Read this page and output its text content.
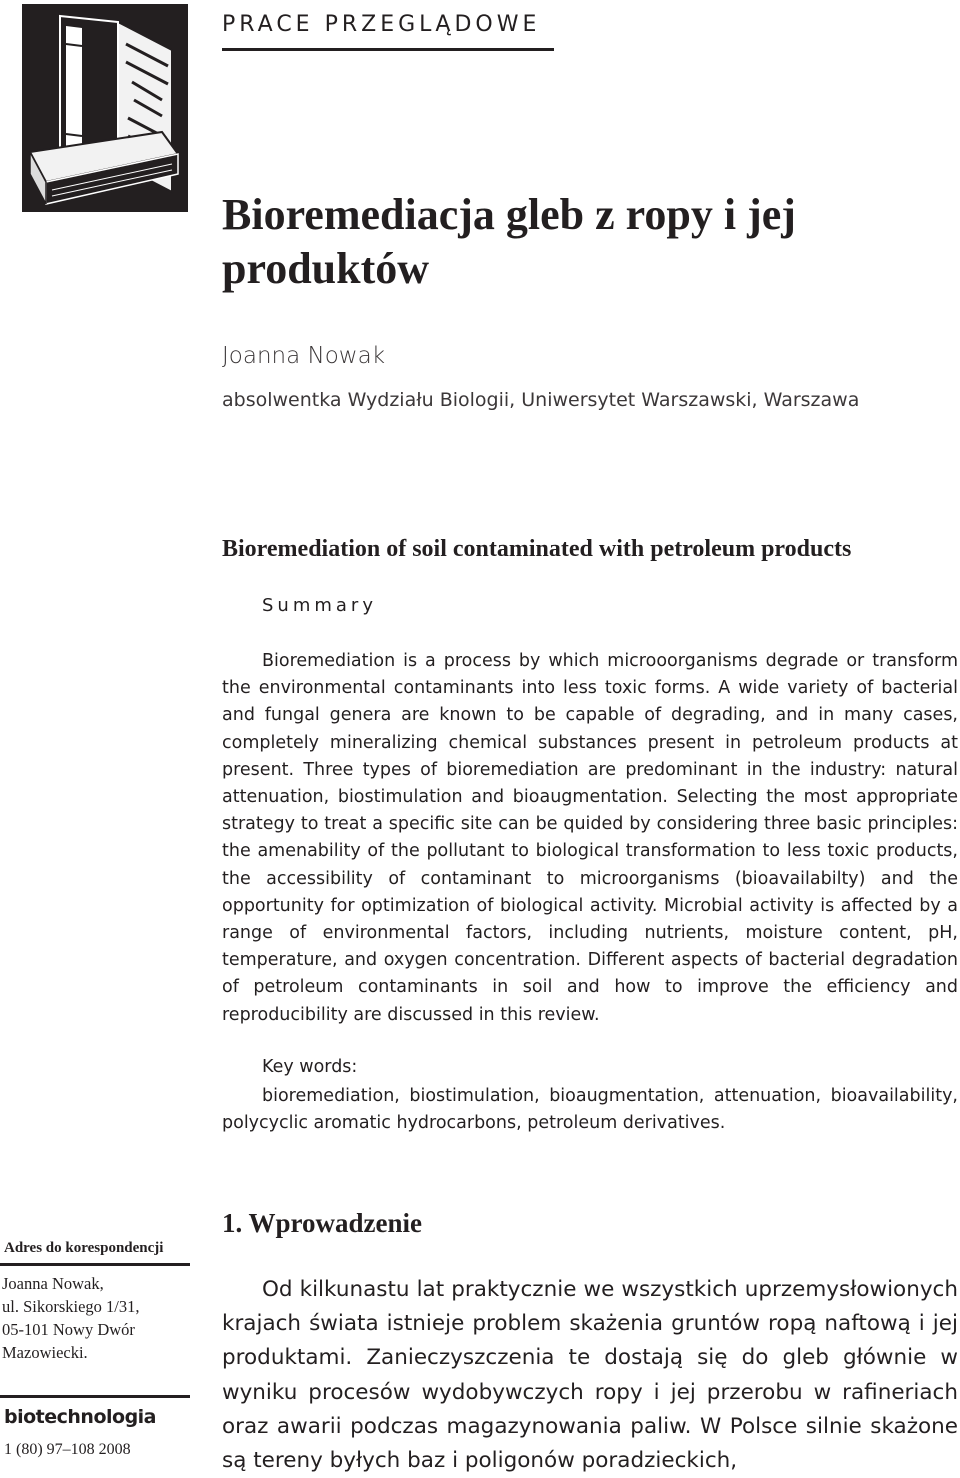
PRACE PRZEGLĄDOWE
Bioremediacja gleb z ropy i jej produktów
Joanna Nowak
absolwentka Wydziału Biologii, Uniwersytet Warszawski, Warszawa
Bioremediation of soil contaminated with petroleum products
Summary

Bioremediation is a process by which microoorganisms degrade or transform the environmental contaminants into less toxic forms. A wide variety of bacterial and fungal genera are known to be capable of degrading, and in many cases, completely mineralizing chemical substances present in petroleum products at present. Three types of bioremediation are predominant in the industry: natural attenuation, biostimulation and bioaugmentation. Selecting the most appropriate strategy to treat a specific site can be quided by considering three basic principles: the amenability of the pollutant to biological transformation to less toxic products, the accessibility of contaminant to microorganisms (bioavailabilty) and the opportunity for optimization of biological activity. Microbial activity is affected by a range of environmental factors, including nutrients, moisture content, pH, temperature, and oxygen concentration. Different aspects of bacterial degradation of petroleum contaminants in soil and how to improve the efficiency and reproducibility are discussed in this review.

Key words:

bioremediation, biostimulation, bioaugmentation, attenuation, bioavailability, polycyclic aromatic hydrocarbons, petroleum derivatives.

Adres do korespondencji
Joanna Nowak,
ul. Sikorskiego 1/31,
05-101 Nowy Dwór
Mazowiecki.
biotechnologia
1 (80) 97–108 2008
1. Wprowadzenie

Od kilkunastu lat praktycznie we wszystkich uprzemysłowionych krajach świata istnieje problem skażenia gruntów ropą naftową i jej produktami. Zanieczyszczenia te dostają się do gleb głównie w wyniku procesów wydobywczych ropy i jej przerobu w rafineriach oraz awarii podczas magazynowania paliw. W Polsce silnie skażone są tereny byłych baz i poligonów poradzieckich,
